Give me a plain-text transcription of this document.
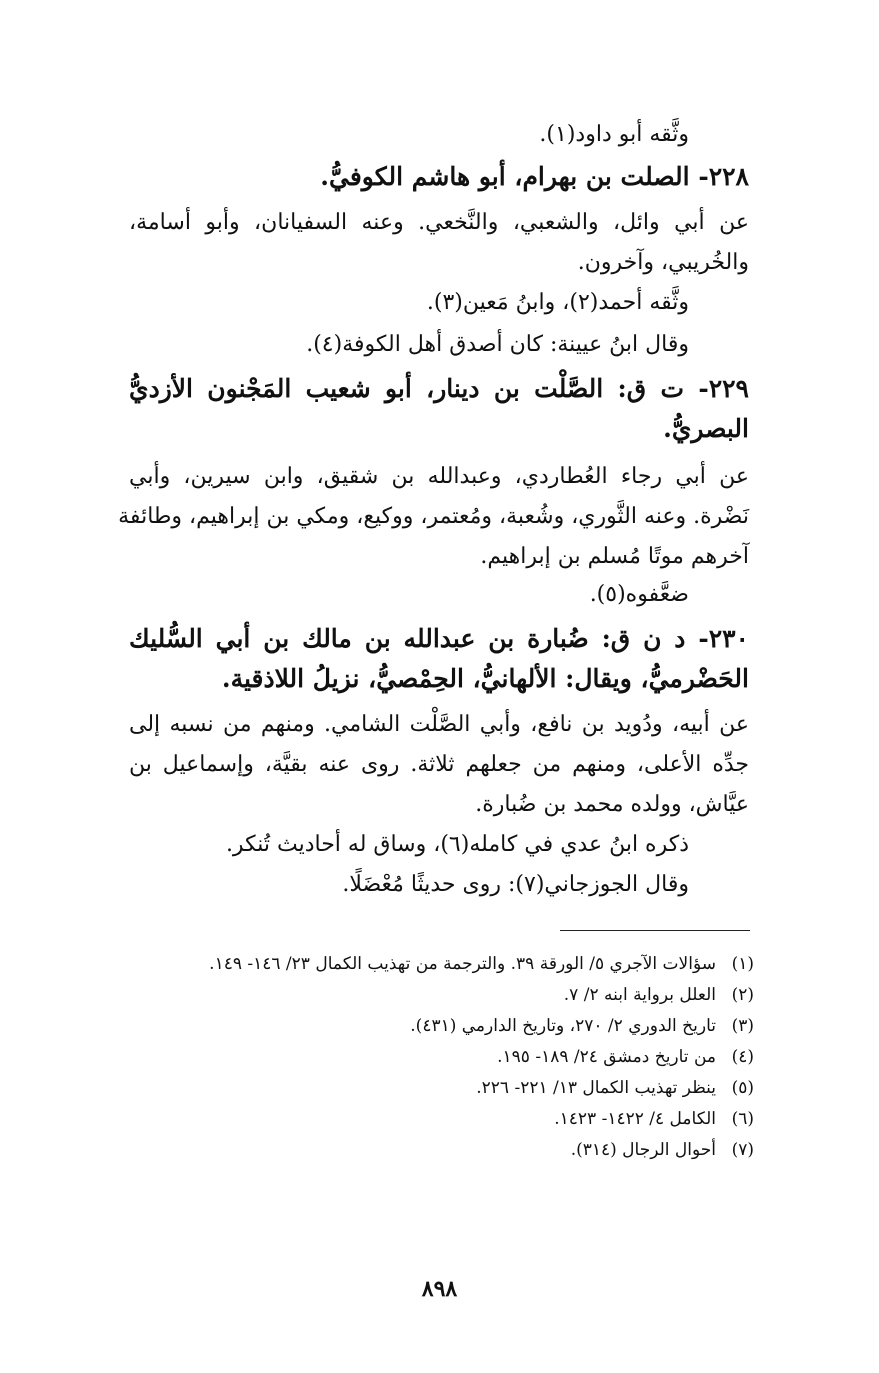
وثَّقه أبو داود(١).
٢٢٨- الصلت بن بهرام، أبو هاشم الكوفيُّ.
عن أبي وائل، والشعبي، والنَّخعي. وعنه السفيانان، وأبو أسامة،
والخُريبي، وآخرون.
وثَّقه أحمد(٢)، وابنُ مَعين(٣).
وقال ابنُ عيينة: كان أصدق أهل الكوفة(٤).
٢٢٩- ت ق: الصَّلْت بن دينار، أبو شعيب المَجْنون الأزديُّ
البصريُّ.
عن أبي رجاء العُطاردي، وعبدالله بن شقيق، وابن سيرين، وأبي
نَضْرة. وعنه الثَّوري، وشُعبة، ومُعتمر، ووكيع، ومكي بن إبراهيم، وطائفة
آخرهم موتًا مُسلم بن إبراهيم.
ضعَّفوه(٥).
٢٣٠- د ن ق: ضُبارة بن عبدالله بن مالك بن أبي السُّليك
الحَضْرميُّ، ويقال: الألهانيُّ، الحِمْصيُّ، نزيلُ اللاذقية.
عن أبيه، ودُويد بن نافع، وأبي الصَّلْت الشامي. ومنهم من نسبه إلى
جدِّه الأعلى، ومنهم من جعلهم ثلاثة. روى عنه بقيَّة، وإسماعيل بن
عيَّاش، وولده محمد بن ضُبارة.
ذكره ابنُ عدي في كامله(٦)، وساق له أحاديث تُنكر.
وقال الجوزجاني(٧): روى حديثًا مُعْضَلًا.
(١)سؤالات الآجري ٥/ الورقة ٣٩. والترجمة من تهذيب الكمال ٢٣/ ١٤٦- ١٤٩.
(٢)العلل برواية ابنه ٢/ ٧.
(٣)تاريخ الدوري ٢/ ٢٧٠، وتاريخ الدارمي (٤٣١).
(٤)من تاريخ دمشق ٢٤/ ١٨٩- ١٩٥.
(٥)ينظر تهذيب الكمال ١٣/ ٢٢١- ٢٢٦.
(٦)الكامل ٤/ ١٤٢٢- ١٤٢٣.
(٧)أحوال الرجال (٣١٤).
٨٩٨
